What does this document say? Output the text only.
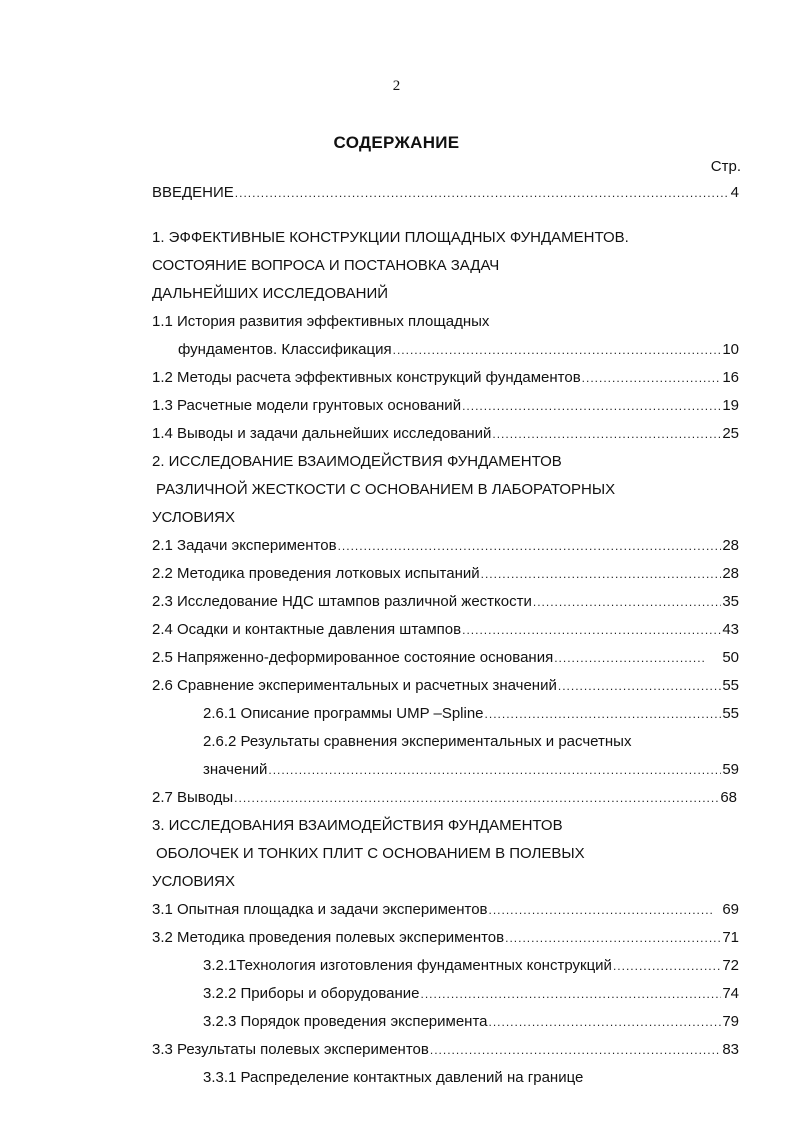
2
СОДЕРЖАНИЕ
Стр.
ВВЕДЕНИЕ .....	4
1. ЭФФЕКТИВНЫЕ КОНСТРУКЦИИ ПЛОЩАДНЫХ ФУНДАМЕНТОВ.
СОСТОЯНИЕ ВОПРОСА И ПОСТАНОВКА ЗАДАЧ
ДАЛЬНЕЙШИХ ИССЛЕДОВАНИЙ
1.1 История развития эффективных площадных
фундаментов. Классификация .....	10
1.2 Методы расчета эффективных конструкций фундаментов .....	16
1.3 Расчетные модели грунтовых оснований .....	19
1.4 Выводы и задачи дальнейших исследований .....	25
2. ИССЛЕДОВАНИЕ ВЗАИМОДЕЙСТВИЯ ФУНДАМЕНТОВ
РАЗЛИЧНОЙ ЖЕСТКОСТИ С ОСНОВАНИЕМ В ЛАБОРАТОРНЫХ
УСЛОВИЯХ
2.1 Задачи экспериментов .....	28
2.2 Методика проведения лотковых испытаний .....	28
2.3 Исследование НДС штампов различной жесткости .....	35
2.4 Осадки и контактные давления штампов .....	43
2.5 Напряженно-деформированное состояние основания .....	50
2.6 Сравнение экспериментальных и расчетных значений .....	55
2.6.1 Описание программы UMP –Spline .....	55
2.6.2 Результаты сравнения экспериментальных и расчетных
значений .....	59
2.7 Выводы .....	68
3. ИССЛЕДОВАНИЯ ВЗАИМОДЕЙСТВИЯ ФУНДАМЕНТОВ
ОБОЛОЧЕК И ТОНКИХ ПЛИТ С ОСНОВАНИЕМ В ПОЛЕВЫХ
УСЛОВИЯХ
3.1 Опытная площадка и задачи экспериментов .....	69
3.2 Методика проведения полевых экспериментов .....	71
3.2.1Технология изготовления фундаментных конструкций .....	72
3.2.2 Приборы и оборудование .....	74
3.2.3 Порядок проведения эксперимента .....	79
3.3 Результаты полевых экспериментов .....	83
3.3.1 Распределение контактных давлений на границе
